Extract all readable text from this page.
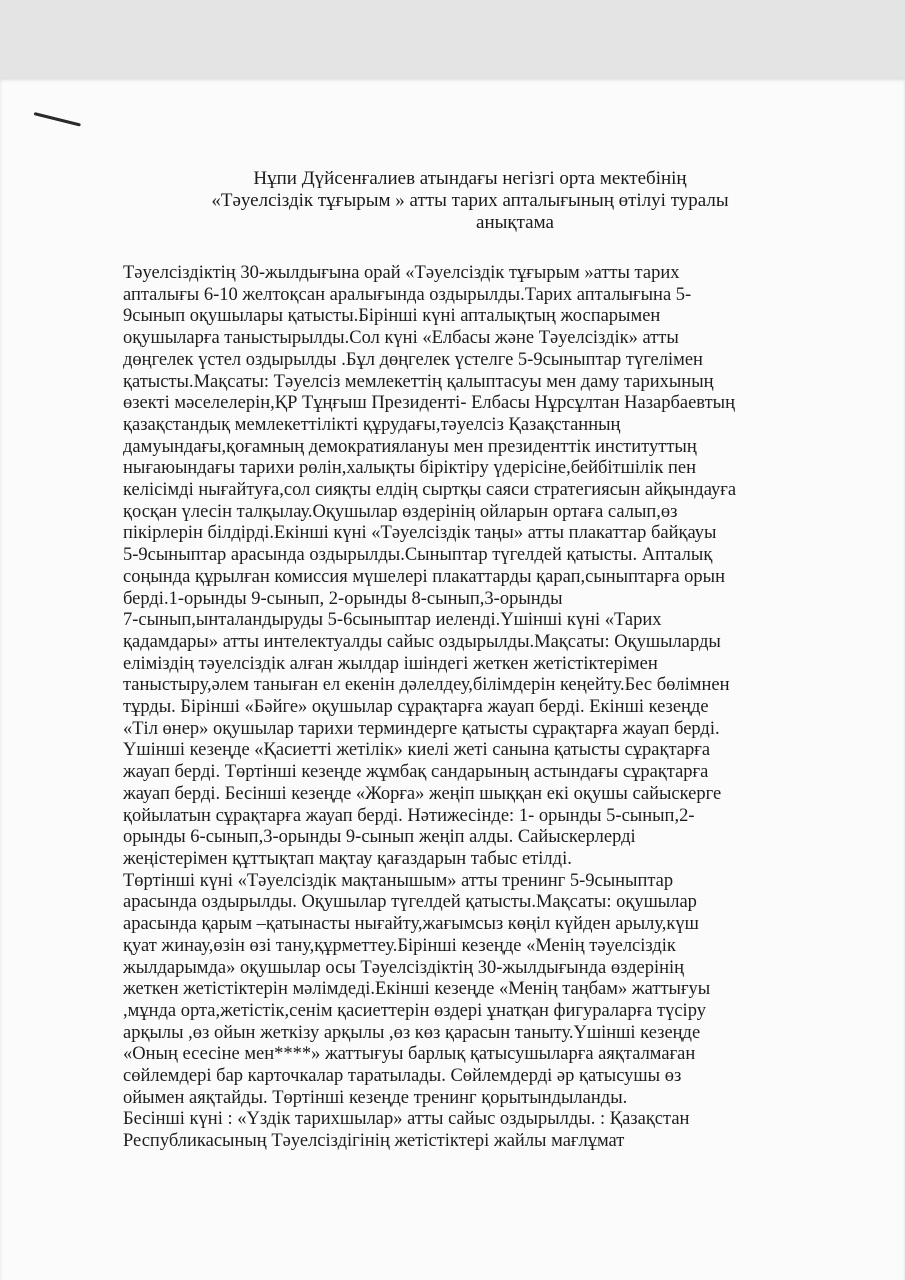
Нұпи Дүйсенғалиев атындағы негізгі орта мектебінің
«Тәуелсіздік тұғырым » атты тарих апталығының өтілуі туралы
анықтама
Тәуелсіздіктің 30-жылдығына орай «Тәуелсіздік тұғырым »атты тарих
апталығы 6-10 желтоқсан аралығында оздырылды.Тарих апталығына 5-
9сынып оқушылары қатысты.Бірінші күні апталықтың жоспарымен
оқушыларға таныстырылды.Сол күні «Елбасы және Тәуелсіздік» атты
дөңгелек үстел оздырылды .Бұл дөңгелек үстелге 5-9сыныптар түгелімен
қатысты.Мақсаты: Тәуелсіз мемлекеттің қалыптасуы мен даму тарихының
өзекті мәселелерін,ҚР Тұңғыш Президенті- Елбасы Нұрсұлтан Назарбаевтың
қазақстандық мемлекеттілікті құрудағы,тәуелсіз Қазақстанның
дамуындағы,қоғамның демократиялануы мен президенттік институттың
нығаюындағы тарихи рөлін,халықты біріктіру үдерісіне,бейбітшілік пен
келісімді нығайтуға,сол сияқты елдің сыртқы саяси стратегиясын айқындауға
қосқан үлесін талқылау.Оқушылар өздерінің ойларын ортаға салып,өз
пікірлерін білдірді.Екінші күні «Тәуелсіздік таңы» атты плакаттар байқауы
5-9сыныптар арасында оздырылды.Сыныптар түгелдей қатысты. Апталық
соңында құрылған комиссия мүшелері плакаттарды қарап,сыныптарға орын
берді.1-орынды 9-сынып, 2-орынды 8-сынып,3-орынды
7-сынып,ынталандыруды 5-6сыныптар иеленді.Үшінші күні «Тарих
қадамдары» атты интелектуалды сайыс оздырылды.Мақсаты: Оқушыларды
еліміздің тәуелсіздік алған жылдар ішіндегі жеткен жетістіктерімен
таныстыру,әлем таныған ел екенін дәлелдеу,білімдерін кеңейту.Бес бөлімнен
тұрды. Бірінші «Бәйге» оқушылар сұрақтарға жауап берді. Екінші кезеңде
«Тіл өнер» оқушылар тарихи терминдерге қатысты сұрақтарға жауап берді.
Үшінші кезеңде «Қасиетті жетілік» киелі жеті санына қатысты сұрақтарға
жауап берді. Төртінші кезеңде жұмбақ сандарының астындағы сұрақтарға
жауап берді. Бесінші кезеңде «Жорға» жеңіп шыққан екі оқушы сайыскерге
қойылатын сұрақтарға жауап берді. Нәтижесінде: 1- орынды 5-сынып,2-
орынды 6-сынып,3-орынды 9-сынып жеңіп алды. Сайыскерлерді
жеңістерімен құттықтап мақтау қағаздарын табыс етілді.
Төртінші күні «Тәуелсіздік мақтанышым» атты тренинг 5-9сыныптар
арасында оздырылды. Оқушылар түгелдей қатысты.Мақсаты: оқушылар
арасында қарым –қатынасты нығайту,жағымсыз көңіл күйден арылу,күш
қуат жинау,өзін өзі тану,құрметтеу.Бірінші кезеңде «Менің тәуелсіздік
жылдарымда» оқушылар осы Тәуелсіздіктің 30-жылдығында өздерінің
жеткен жетістіктерін мәлімдеді.Екінші кезеңде «Менің таңбам» жаттығуы
,мұнда орта,жетістік,сенім қасиеттерін өздері ұнатқан фигураларға түсіру
арқылы ,өз ойын жеткізу арқылы ,өз көз қарасын таныту.Үшінші кезеңде
«Оның есесіне мен****» жаттығуы барлық қатысушыларға аяқталмаған
сөйлемдері бар карточкалар таратылады. Сөйлемдерді әр қатысушы өз
ойымен аяқтайды. Төртінші кезеңде тренинг қорытындыланды.
Бесінші күні : «Үздік тарихшылар» атты сайыс оздырылды. : Қазақстан
Республикасының Тәуелсіздігінің жетістіктері жайлы мағлұмат
